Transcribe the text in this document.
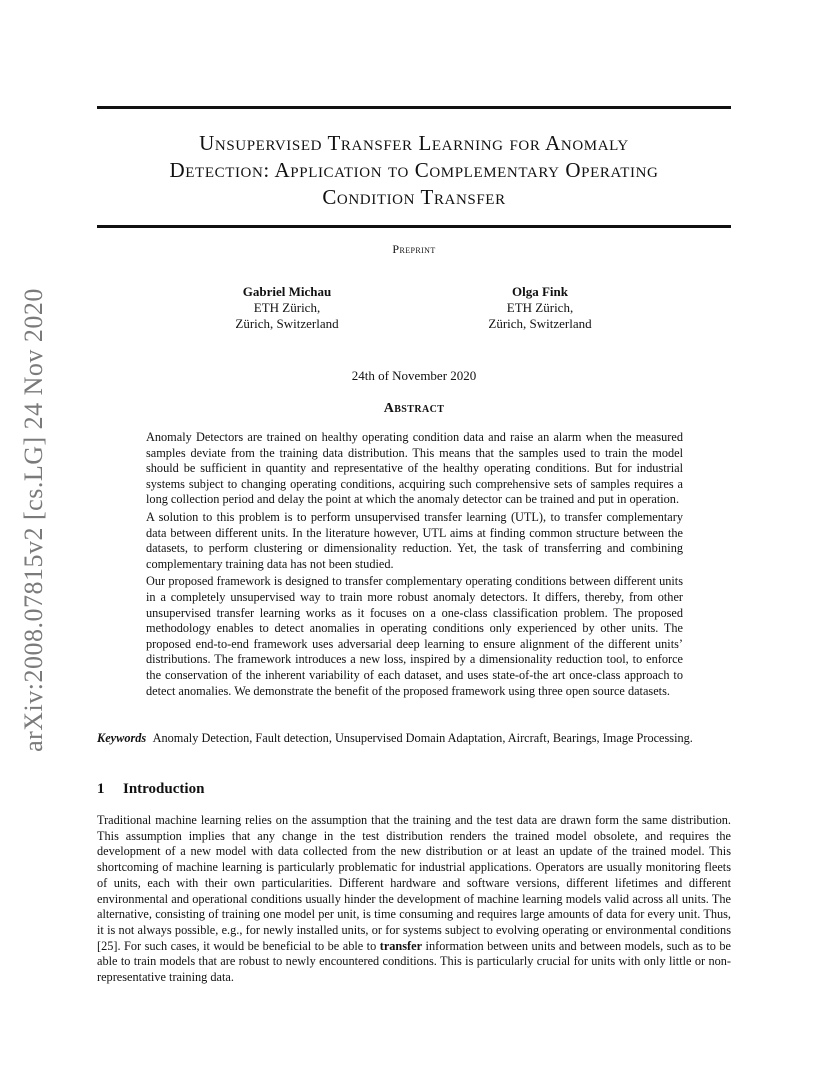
arXiv:2008.07815v2 [cs.LG] 24 Nov 2020
Unsupervised Transfer Learning for Anomaly
Detection: Application to Complementary Operating
Condition Transfer
Preprint
Gabriel Michau
ETH Zürich,
Zürich, Switzerland
Olga Fink
ETH Zürich,
Zürich, Switzerland
24th of November 2020
Abstract

Anomaly Detectors are trained on healthy operating condition data and raise an alarm when the measured samples deviate from the training data distribution. This means that the samples used to train the model should be sufficient in quantity and representative of the healthy operating conditions. But for industrial systems subject to changing operating conditions, acquiring such comprehensive sets of samples requires a long collection period and delay the point at which the anomaly detector can be trained and put in operation.

A solution to this problem is to perform unsupervised transfer learning (UTL), to transfer complementary data between different units. In the literature however, UTL aims at finding common structure between the datasets, to perform clustering or dimensionality reduction. Yet, the task of transferring and combining complementary training data has not been studied.

Our proposed framework is designed to transfer complementary operating conditions between different units in a completely unsupervised way to train more robust anomaly detectors. It differs, thereby, from other unsupervised transfer learning works as it focuses on a one-class classification problem. The proposed methodology enables to detect anomalies in operating conditions only experienced by other units. The proposed end-to-end framework uses adversarial deep learning to ensure alignment of the different units’ distributions. The framework introduces a new loss, inspired by a dimensionality reduction tool, to enforce the conservation of the inherent variability of each dataset, and uses state-of-the art once-class approach to detect anomalies. We demonstrate the benefit of the proposed framework using three open source datasets.

Keywords Anomaly Detection, Fault detection, Unsupervised Domain Adaptation, Aircraft, Bearings, Image Processing.
1 Introduction

Traditional machine learning relies on the assumption that the training and the test data are drawn form the same distribution. This assumption implies that any change in the test distribution renders the trained model obsolete, and requires the development of a new model with data collected from the new distribution or at least an update of the trained model. This shortcoming of machine learning is particularly problematic for industrial applications. Operators are usually monitoring fleets of units, each with their own particularities. Different hardware and software versions, different lifetimes and different environmental and operational conditions usually hinder the development of machine learning models valid across all units. The alternative, consisting of training one model per unit, is time consuming and requires large amounts of data for every unit. Thus, it is not always possible, e.g., for newly installed units, or for systems subject to evolving operating or environmental conditions [25]. For such cases, it would be beneficial to be able to transfer information between units and between models, such as to be able to train models that are robust to newly encountered conditions. This is particularly crucial for units with only little or non-representative training data.
